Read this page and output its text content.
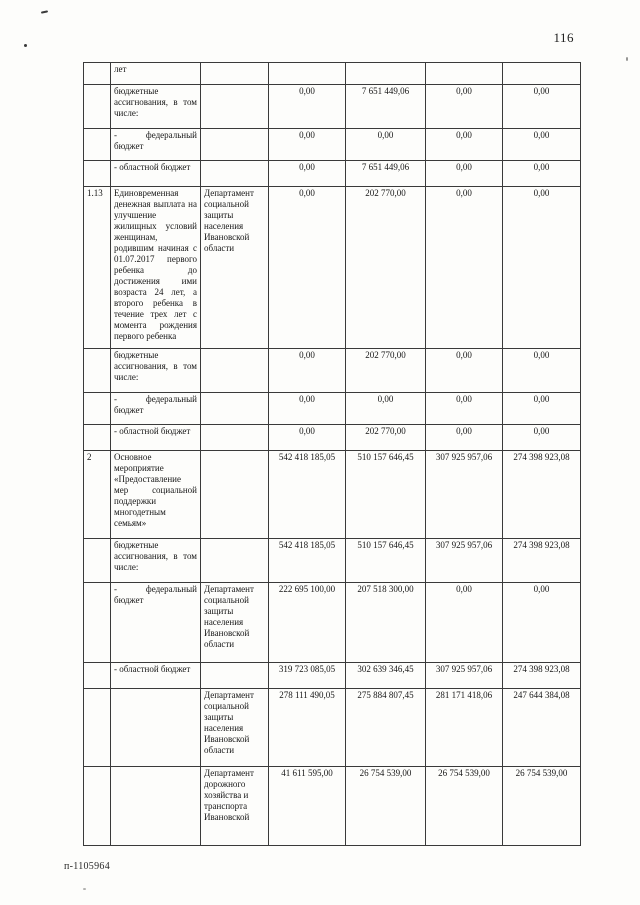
116
	лет					
	бюджетные ассигнования, в том числе:		0,00	7 651 449,06	0,00	0,00
	- федеральный бюджет		0,00	0,00	0,00	0,00
	- областной бюджет		0,00	7 651 449,06	0,00	0,00
1.13	Единовременная денежная выплата на улучшение жилищных условий женщинам, родившим начиная с 01.07.2017 первого ребенка до достижения ими возраста 24 лет, а второго ребенка в течение трех лет с момента рождения первого ребенка	Департамент социальной защиты населения Ивановской области	0,00	202 770,00	0,00	0,00
	бюджетные ассигнования, в том числе:		0,00	202 770,00	0,00	0,00
	- федеральный бюджет		0,00	0,00	0,00	0,00
	- областной бюджет		0,00	202 770,00	0,00	0,00
2	Основное мероприятие «Предоставление мер социальной поддержки многодетным семьям»		542 418 185,05	510 157 646,45	307 925 957,06	274 398 923,08
	бюджетные ассигнования, в том числе:		542 418 185,05	510 157 646,45	307 925 957,06	274 398 923,08
	- федеральный бюджет	Департамент социальной защиты населения Ивановской области	222 695 100,00	207 518 300,00	0,00	0,00
	- областной бюджет		319 723 085,05	302 639 346,45	307 925 957,06	274 398 923,08
		Департамент социальной защиты населения Ивановской области	278 111 490,05	275 884 807,45	281 171 418,06	247 644 384,08
		Департамент дорожного хозяйства и транспорта Ивановской	41 611 595,00	26 754 539,00	26 754 539,00	26 754 539,00
п-1105964
